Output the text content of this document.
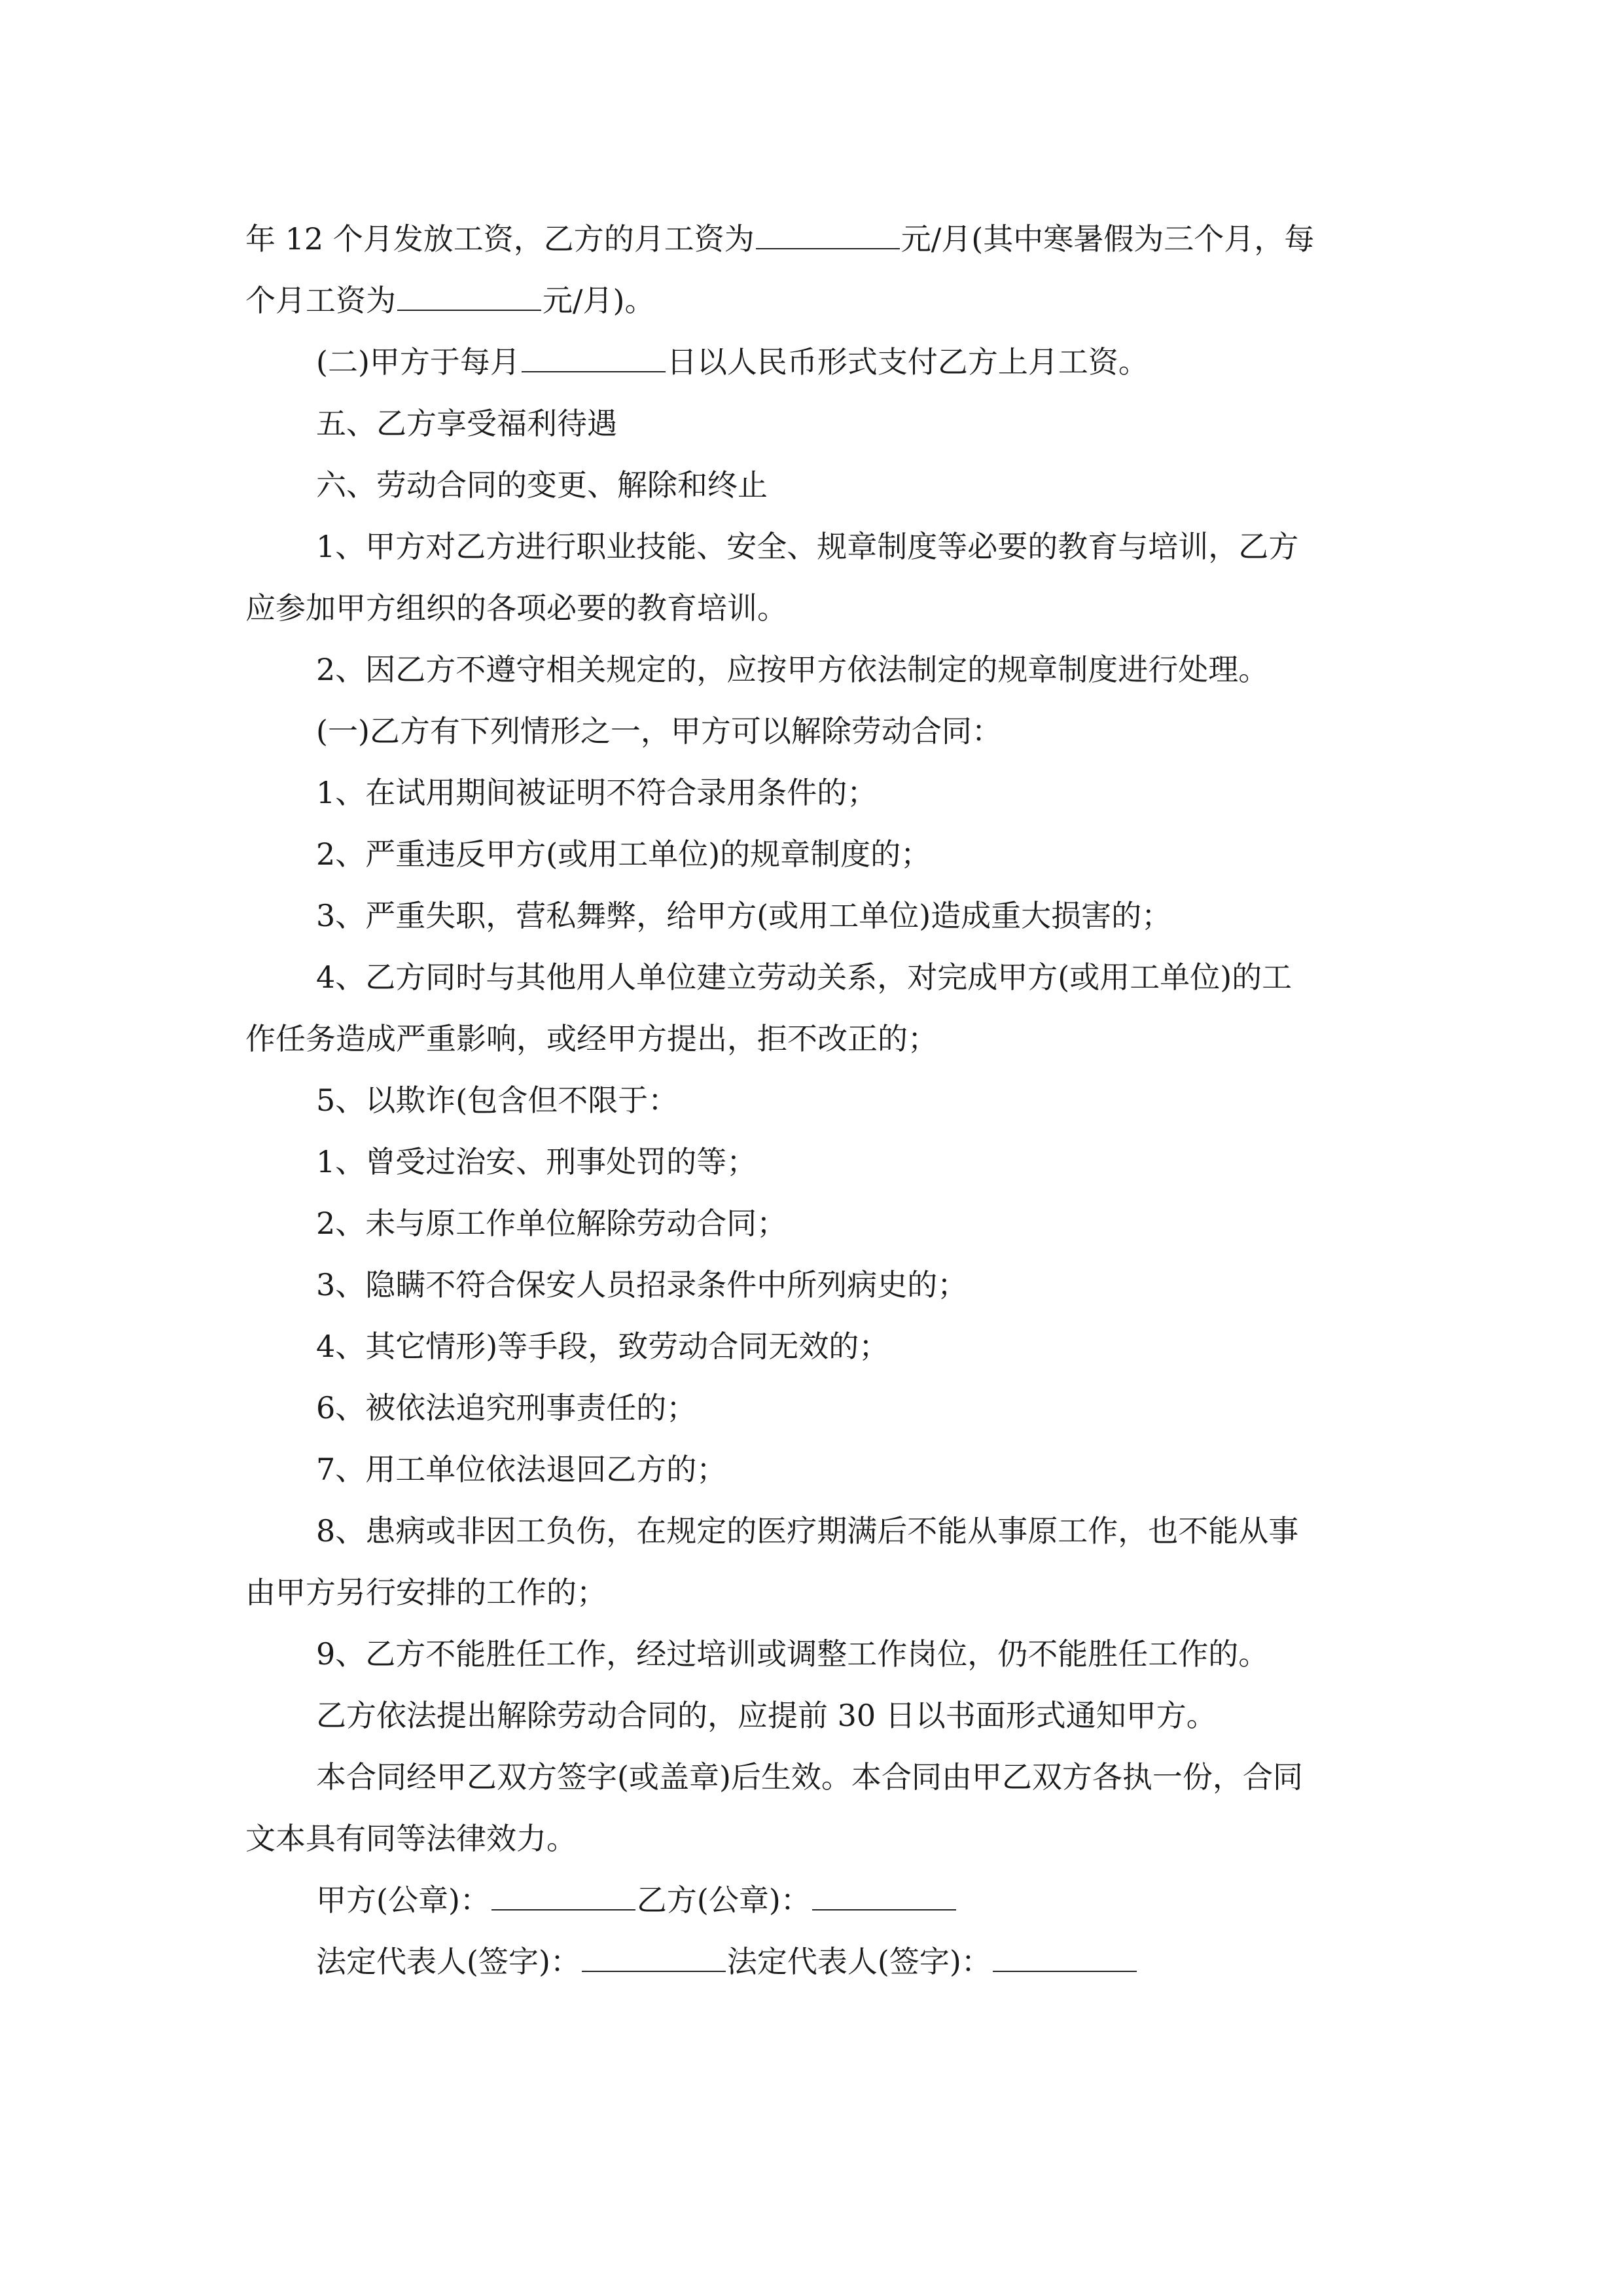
年 12 个月发放工资，乙方的月工资为	元/月(其中寒暑假为三个月，每

个月工资为	元/月)。

(二)甲方于每月	日以人民币形式支付乙方上月工资。

五、乙方享受福利待遇

六、劳动合同的变更、解除和终止

1、甲方对乙方进行职业技能、安全、规章制度等必要的教育与培训，乙方

应参加甲方组织的各项必要的教育培训。

2、因乙方不遵守相关规定的，应按甲方依法制定的规章制度进行处理。

(一)乙方有下列情形之一，甲方可以解除劳动合同：

1、在试用期间被证明不符合录用条件的；

2、严重违反甲方(或用工单位)的规章制度的；

3、严重失职，营私舞弊，给甲方(或用工单位)造成重大损害的；

4、乙方同时与其他用人单位建立劳动关系，对完成甲方(或用工单位)的工

作任务造成严重影响，或经甲方提出，拒不改正的；

5、以欺诈(包含但不限于：

1、曾受过治安、刑事处罚的等；

2、未与原工作单位解除劳动合同；

3、隐瞒不符合保安人员招录条件中所列病史的；

4、其它情形)等手段，致劳动合同无效的；

6、被依法追究刑事责任的；

7、用工单位依法退回乙方的；

8、患病或非因工负伤，在规定的医疗期满后不能从事原工作，也不能从事

由甲方另行安排的工作的；

9、乙方不能胜任工作，经过培训或调整工作岗位，仍不能胜任工作的。

乙方依法提出解除劳动合同的，应提前 30 日以书面形式通知甲方。

本合同经甲乙双方签字(或盖章)后生效。本合同由甲乙双方各执一份，合同

文本具有同等法律效力。

甲方(公章)：	乙方(公章)：

法定代表人(签字)：	法定代表人(签字)：
